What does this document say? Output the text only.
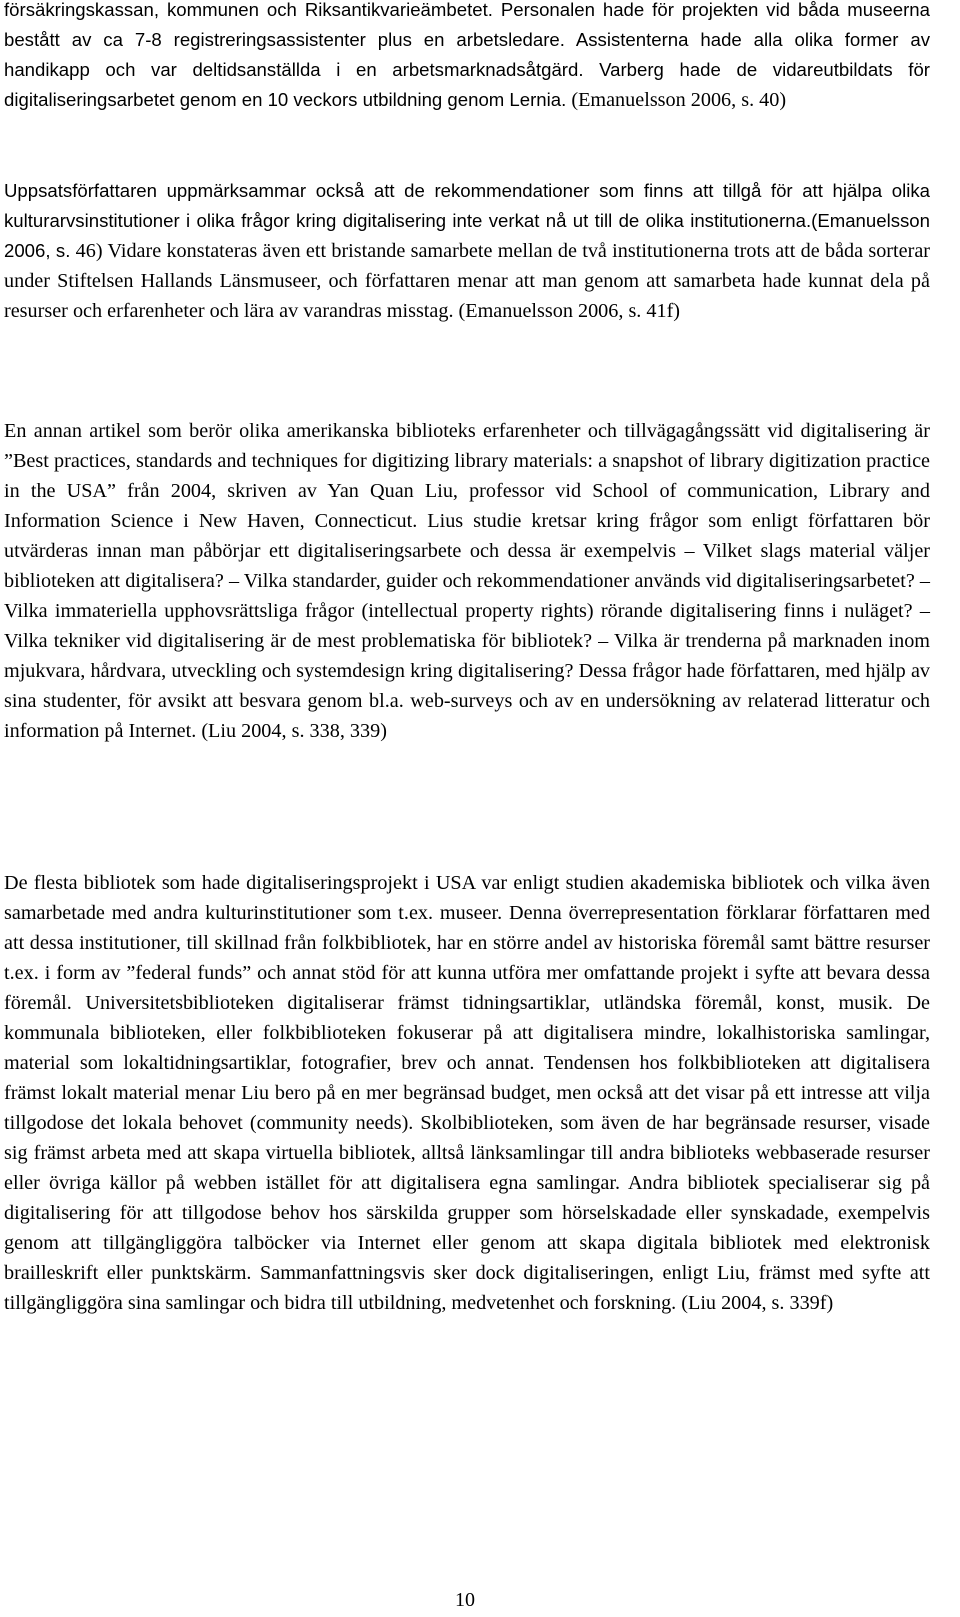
försäkringskassan, kommunen och Riksantikvarieämbetet. Personalen hade för projekten vid båda museerna bestått av ca 7-8 registreringsassistenter plus en arbetsledare. Assistenterna hade alla olika former av handikapp och var deltidsanställda i en arbetsmarknadsåtgärd. Varberg hade de vidareutbildats för digitaliseringsarbetet genom en 10 veckors utbildning genom Lernia. (Emanuelsson 2006, s. 40)

Uppsatsförfattaren uppmärksammar också att de rekommendationer som finns att tillgå för att hjälpa olika kulturarvsinstitutioner i olika frågor kring digitalisering inte verkat nå ut till de olika institutionerna.(Emanuelsson 2006, s. 46) Vidare konstateras även ett bristande samarbete mellan de två institutionerna trots att de båda sorterar under Stiftelsen Hallands Länsmuseer, och författaren menar att man genom att samarbeta hade kunnat dela på resurser och erfarenheter och lära av varandras misstag. (Emanuelsson 2006, s. 41f)

En annan artikel som berör olika amerikanska biblioteks erfarenheter och tillvägagångssätt vid digitalisering är ”Best practices, standards and techniques for digitizing library materials: a snapshot of library digitization practice in the USA” från 2004, skriven av Yan Quan Liu, professor vid School of communication, Library and Information Science i New Haven, Connecticut. Lius studie kretsar kring frågor som enligt författaren bör utvärderas innan man påbörjar ett digitaliseringsarbete och dessa är exempelvis – Vilket slags material väljer biblioteken att digitalisera? – Vilka standarder, guider och rekommendationer används vid digitaliseringsarbetet? – Vilka immateriella upphovsrättsliga frågor (intellectual property rights) rörande digitalisering finns i nuläget? – Vilka tekniker vid digitalisering är de mest problematiska för bibliotek? – Vilka är trenderna på marknaden inom mjukvara, hårdvara, utveckling och systemdesign kring digitalisering? Dessa frågor hade författaren, med hjälp av sina studenter, för avsikt att besvara genom bl.a. web-surveys och av en undersökning av relaterad litteratur och information på Internet. (Liu 2004, s. 338, 339)

De flesta bibliotek som hade digitaliseringsprojekt i USA var enligt studien akademiska bibliotek och vilka även samarbetade med andra kulturinstitutioner som t.ex. museer. Denna överrepresentation förklarar författaren med att dessa institutioner, till skillnad från folkbibliotek, har en större andel av historiska föremål samt bättre resurser t.ex. i form av ”federal funds” och annat stöd för att kunna utföra mer omfattande projekt i syfte att bevara dessa föremål. Universitetsbiblioteken digitaliserar främst tidningsartiklar, utländska föremål, konst, musik. De kommunala biblioteken, eller folkbiblioteken fokuserar på att digitalisera mindre, lokalhistoriska samlingar, material som lokaltidningsartiklar, fotografier, brev och annat. Tendensen hos folkbiblioteken att digitalisera främst lokalt material menar Liu bero på en mer begränsad budget, men också att det visar på ett intresse att vilja tillgodose det lokala behovet (community needs). Skolbiblioteken, som även de har begränsade resurser, visade sig främst arbeta med att skapa virtuella bibliotek, alltså länksamlingar till andra biblioteks webbaserade resurser eller övriga källor på webben istället för att digitalisera egna samlingar. Andra bibliotek specialiserar sig på digitalisering för att tillgodose behov hos särskilda grupper som hörselskadade eller synskadade, exempelvis genom att tillgängliggöra talböcker via Internet eller genom att skapa digitala bibliotek med elektronisk brailleskrift eller punktskärm. Sammanfattningsvis sker dock digitaliseringen, enligt Liu, främst med syfte att tillgängliggöra sina samlingar och bidra till utbildning, medvetenhet och forskning. (Liu 2004, s. 339f)

10
